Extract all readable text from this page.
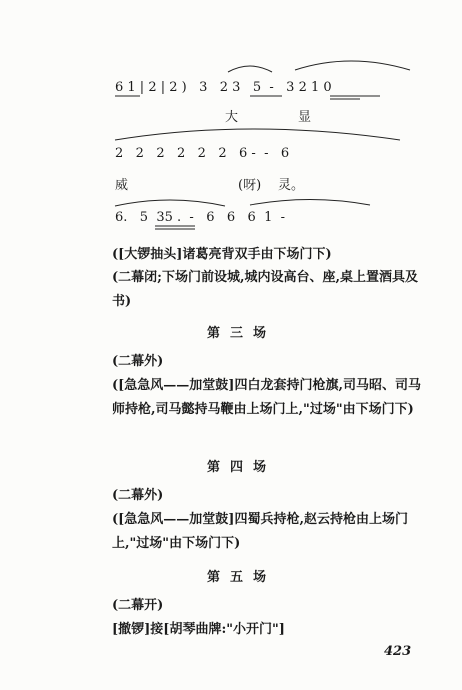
6 1 | 2 | 2 )   3   2 3   5  -   3 2 1 0
大	显
2   2   2   2   2   2   6 -  -   6
威	(呀) 灵。
6.   5  35 .  -   6   6   6  1  -
([大锣抽头]诸葛亮背双手由下场门下)
(二幕闭;下场门前设城,城内设高台、座,桌上置酒具及书)
第三场
(二幕外)
([急急风——加堂鼓]四白龙套持门枪旗,司马昭、司马师持枪,司马懿持马鞭由上场门上,"过场"由下场门下)
第四场
(二幕外)
([急急风——加堂鼓]四蜀兵持枪,赵云持枪由上场门上,"过场"由下场门下)
第五场
(二幕开)
[撤锣]接[胡琴曲牌:"小开门"]
423
